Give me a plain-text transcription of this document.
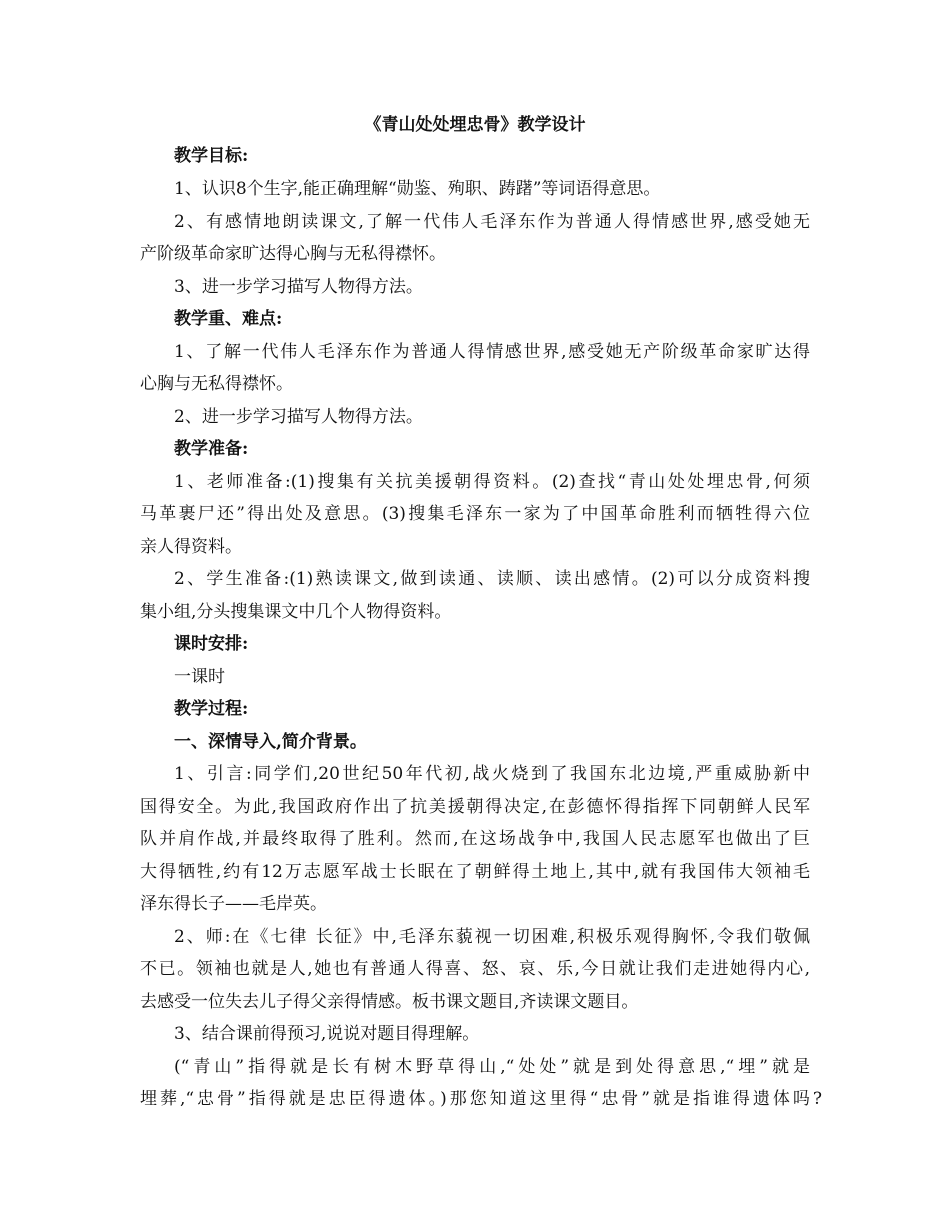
《青山处处埋忠骨》教学设计
教学目标:
1、认识8个生字,能正确理解“勋鉴、殉职、踌躇”等词语得意思。
2、有感情地朗读课文,了解一代伟人毛泽东作为普通人得情感世界,感受她无
产阶级革命家旷达得心胸与无私得襟怀。
3、进一步学习描写人物得方法。
教学重、难点:
1、了解一代伟人毛泽东作为普通人得情感世界,感受她无产阶级革命家旷达得
心胸与无私得襟怀。
2、进一步学习描写人物得方法。
教学准备:
1、老师准备:(1)搜集有关抗美援朝得资料。(2)查找“青山处处埋忠骨,何须
马革裹尸还”得出处及意思。(3)搜集毛泽东一家为了中国革命胜利而牺牲得六位
亲人得资料。
2、学生准备:(1)熟读课文,做到读通、读顺、读出感情。(2)可以分成资料搜
集小组,分头搜集课文中几个人物得资料。
课时安排:
一课时
教学过程:
一、深情导入,简介背景。
1、引言:同学们,20世纪50年代初,战火烧到了我国东北边境,严重威胁新中
国得安全。为此,我国政府作出了抗美援朝得决定,在彭德怀得指挥下同朝鲜人民军
队并肩作战,并最终取得了胜利。然而,在这场战争中,我国人民志愿军也做出了巨
大得牺牲,约有12万志愿军战士长眠在了朝鲜得土地上,其中,就有我国伟大领袖毛
泽东得长子——毛岸英。
2、师:在《七律 长征》中,毛泽东藐视一切困难,积极乐观得胸怀,令我们敬佩
不已。领袖也就是人,她也有普通人得喜、怒、哀、乐,今日就让我们走进她得内心,
去感受一位失去儿子得父亲得情感。板书课文题目,齐读课文题目。
3、结合课前得预习,说说对题目得理解。
(“青山”指得就是长有树木野草得山,“处处”就是到处得意思,“埋”就是
埋葬,“忠骨”指得就是忠臣得遗体。)那您知道这里得“忠骨”就是指谁得遗体吗?
